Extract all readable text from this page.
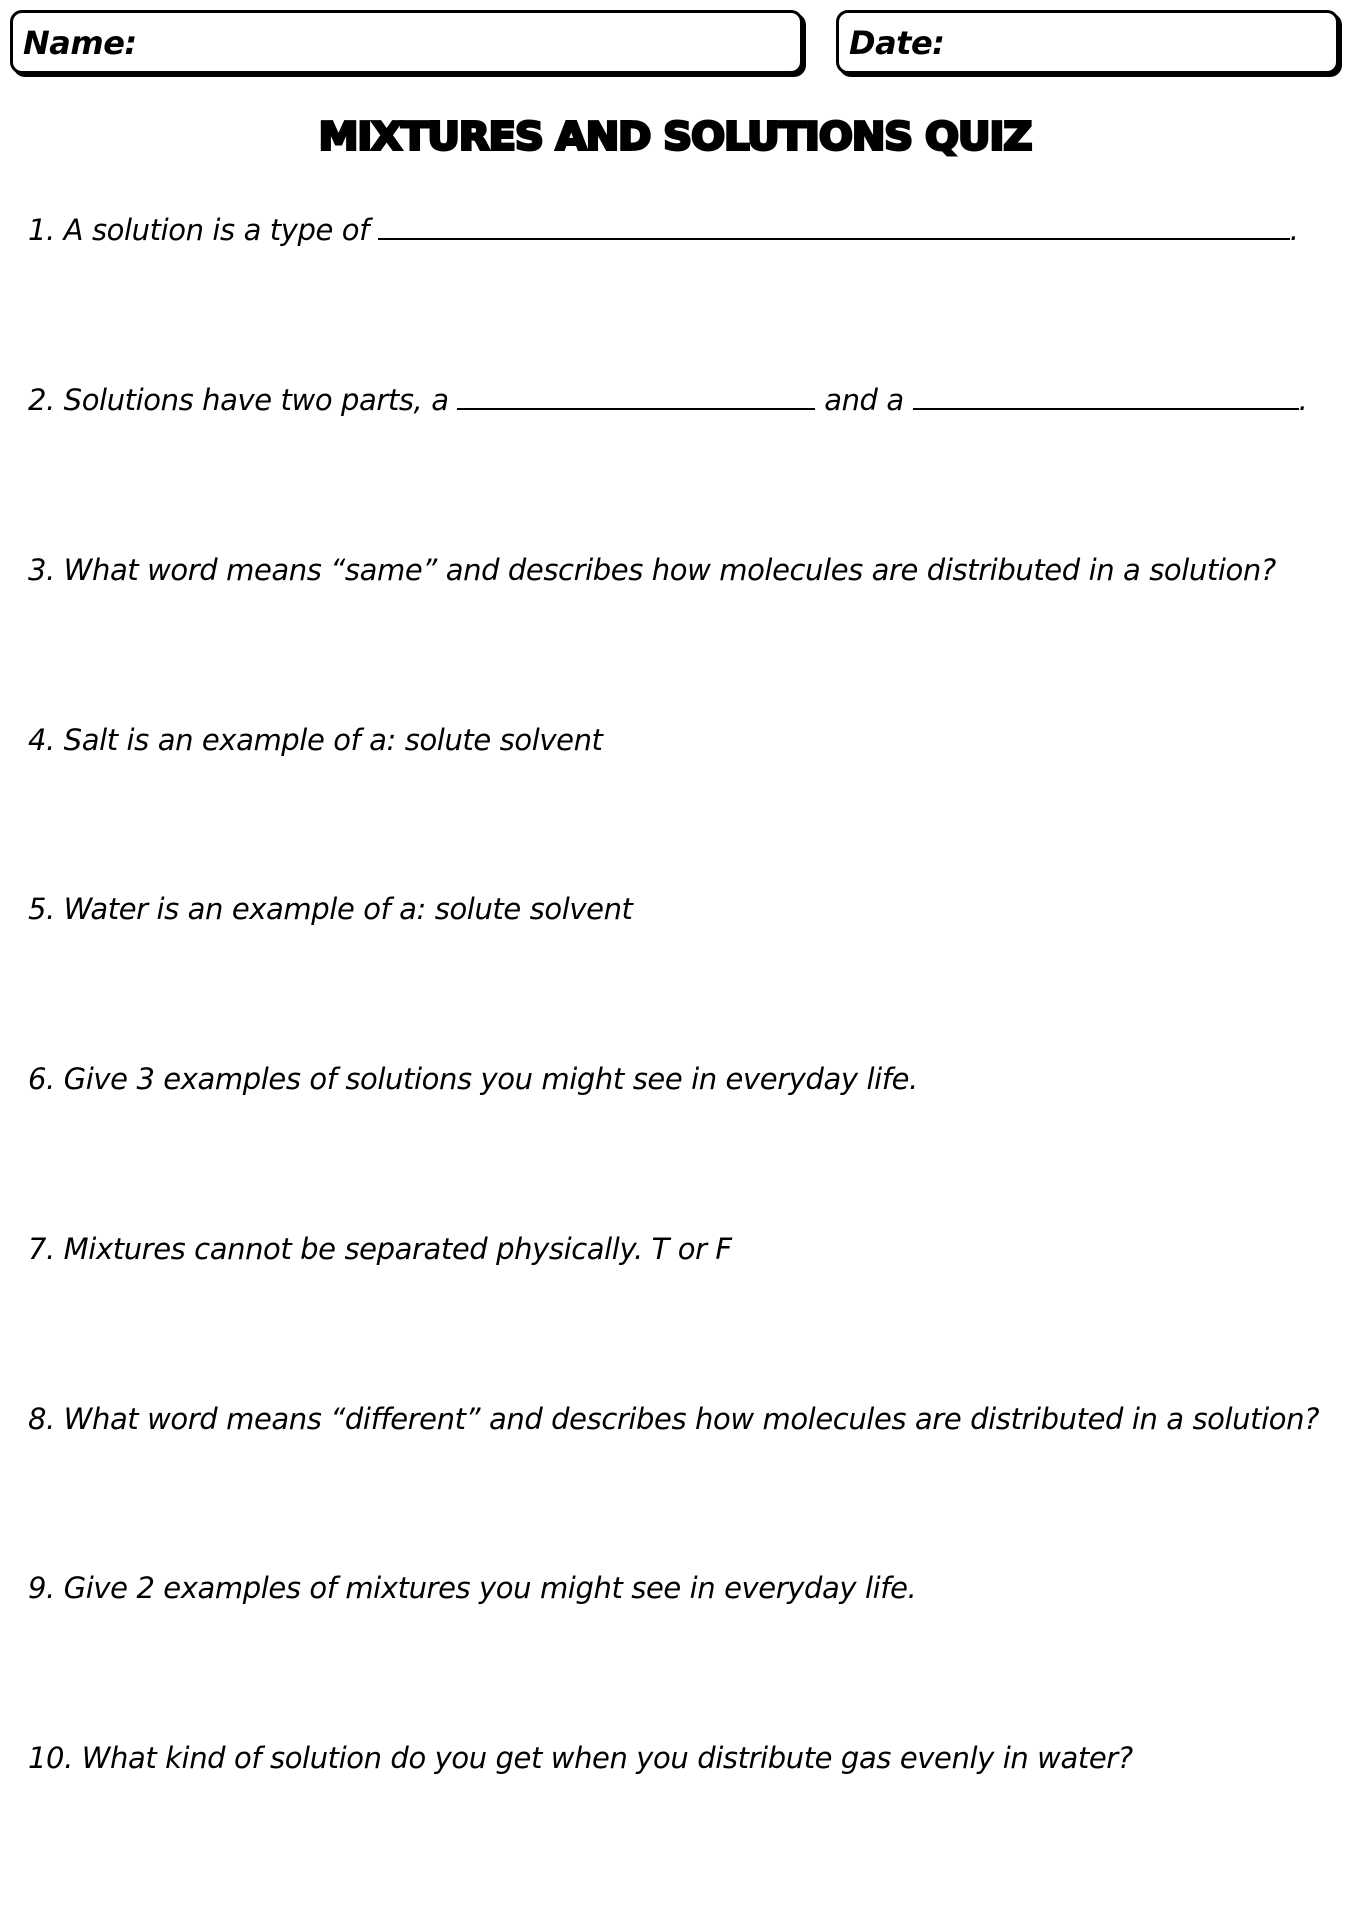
Name:	Date:
MIXTURES AND SOLUTIONS QUIZ
1. A solution is a type of	.
2. Solutions have two parts, a	and a	.
3. What word means “same” and describes how molecules are distributed in a solution?
4. Salt is an example of a: solute solvent
5. Water is an example of a: solute solvent
6. Give 3 examples of solutions you might see in everyday life.
7. Mixtures cannot be separated physically. T or F
8. What word means “different” and describes how molecules are distributed in a solution?
9. Give 2 examples of mixtures you might see in everyday life.
10. What kind of solution do you get when you distribute gas evenly in water?
